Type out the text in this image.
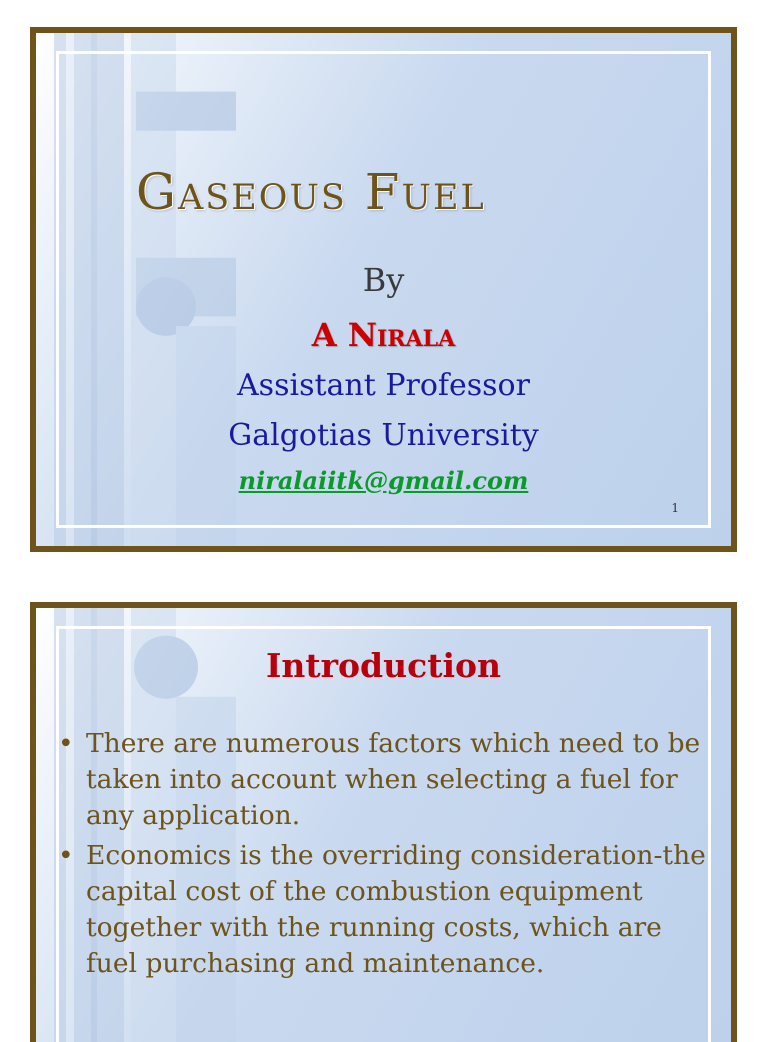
Gaseous Fuel
By
A Nirala
Assistant Professor
Galgotias University
niralaiitk@gmail.com
1
Introduction
• There are numerous factors which need to be taken into account when selecting a fuel for any application.
• Economics is the overriding consideration-the capital cost of the combustion equipment together with the running costs, which are fuel purchasing and maintenance.
